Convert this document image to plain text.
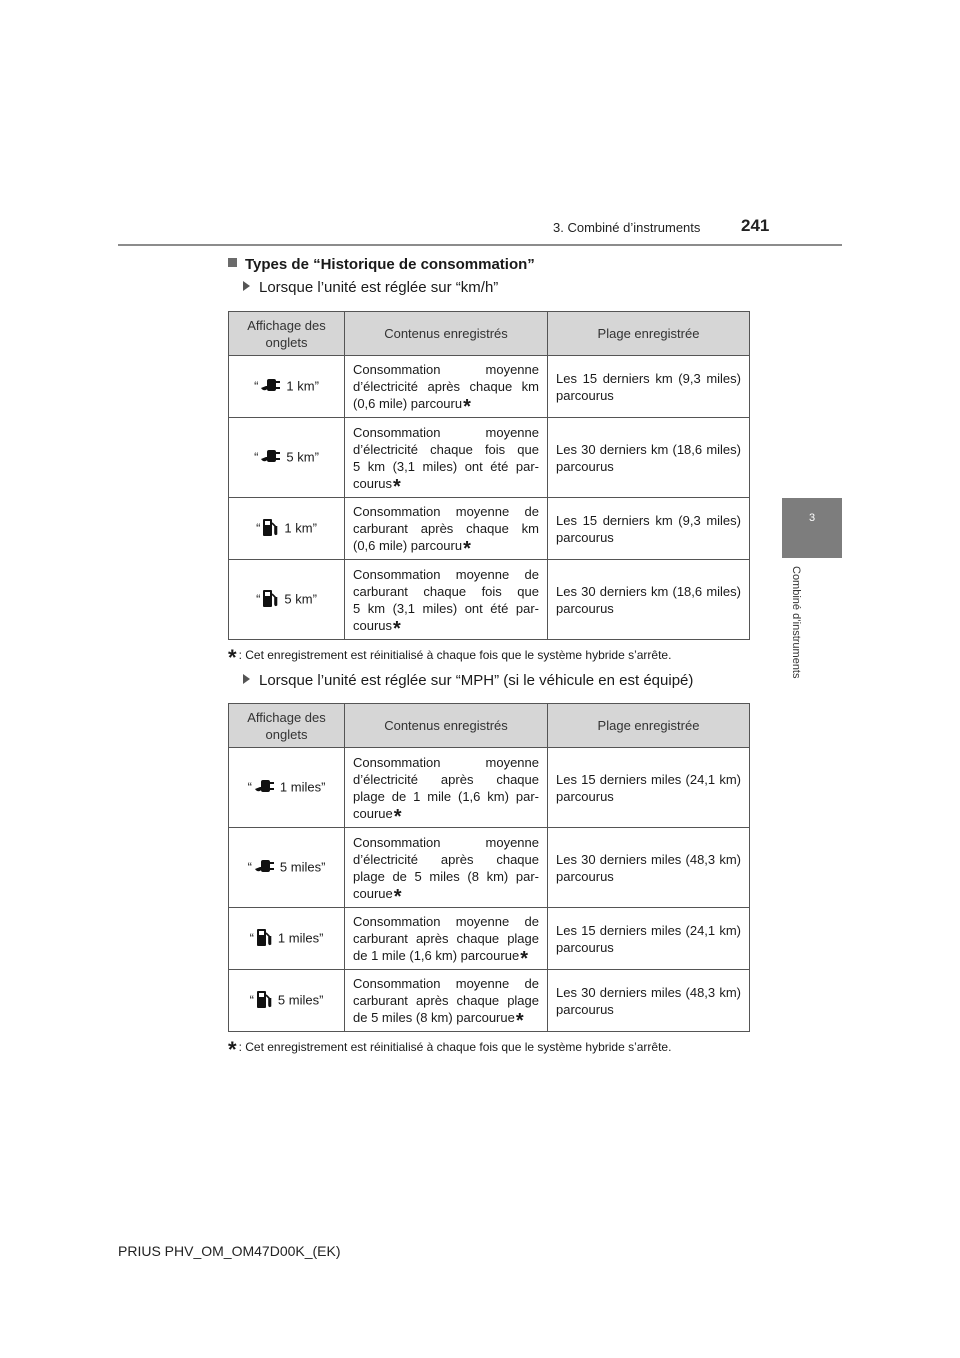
3. Combiné d’instruments 241
3
Combiné d’instruments
Types de “Historique de consommation”
Lorsque l’unité est réglée sur “km/h”
Affichage des onglets	Contenus enregistrés	Plage enregistrée
“ 1 km”	Consommation moyenne
d’électricité après chaque km
(0,6 mile) parcouru*	Les 15 derniers km (9,3 miles) parcourus
“ 5 km”	Consommation moyenne
d’électricité chaque fois que
5 km (3,1 miles) ont été par-
courus*	Les 30 derniers km (18,6 miles) parcourus
“ 1 km”	Consommation moyenne de
carburant après chaque km
(0,6 mile) parcouru*	Les 15 derniers km (9,3 miles) parcourus
“ 5 km”	Consommation moyenne de
carburant chaque fois que
5 km (3,1 miles) ont été par-
courus*	Les 30 derniers km (18,6 miles) parcourus
* : Cet enregistrement est réinitialisé à chaque fois que le système hybride s’arrête.
Lorsque l’unité est réglée sur “MPH” (si le véhicule en est équipé)
Affichage des onglets	Contenus enregistrés	Plage enregistrée
“ 1 miles”	Consommation moyenne
d’électricité après chaque
plage de 1 mile (1,6 km) par-
courue*	Les 15 derniers miles (24,1 km) parcourus
“ 5 miles”	Consommation moyenne
d’électricité après chaque
plage de 5 miles (8 km) par-
courue*	Les 30 derniers miles (48,3 km) parcourus
“ 1 miles”	Consommation moyenne de
carburant après chaque plage
de 1 mile (1,6 km) parcourue*	Les 15 derniers miles (24,1 km) parcourus
“ 5 miles”	Consommation moyenne de
carburant après chaque plage
de 5 miles (8 km) parcourue*	Les 30 derniers miles (48,3 km) parcourus
* : Cet enregistrement est réinitialisé à chaque fois que le système hybride s’arrête.
PRIUS PHV_OM_OM47D00K_(EK)
